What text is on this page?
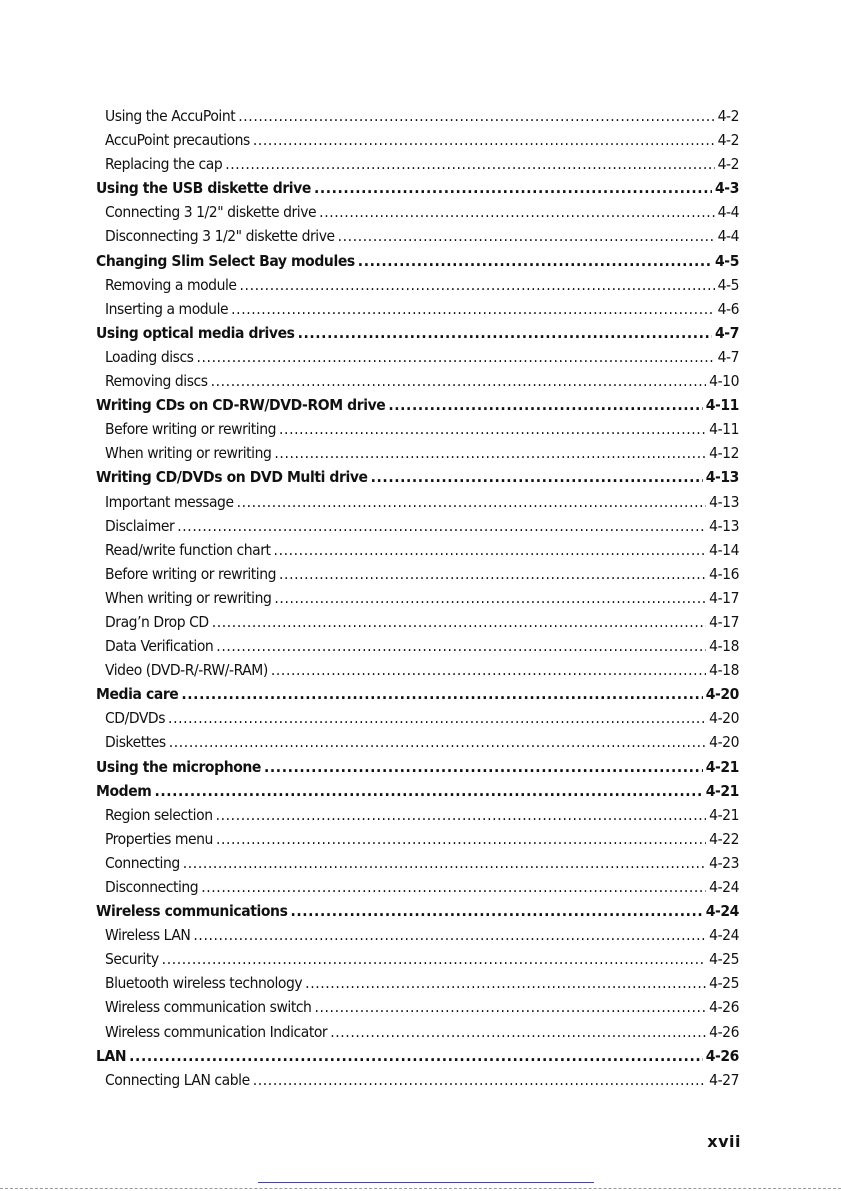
Using the AccuPoint .....	4-2
AccuPoint precautions .....	4-2
Replacing the cap .....	4-2
Using the USB diskette drive .....	4-3
Connecting 3 1/2" diskette drive .....	4-4
Disconnecting 3 1/2" diskette drive .....	4-4
Changing Slim Select Bay modules .....	4-5
Removing a module .....	4-5
Inserting a module .....	4-6
Using optical media drives .....	4-7
Loading discs .....	4-7
Removing discs .....	4-10
Writing CDs on CD-RW/DVD-ROM drive .....	4-11
Before writing or rewriting .....	4-11
When writing or rewriting .....	4-12
Writing CD/DVDs on DVD Multi drive .....	4-13
Important message .....	4-13
Disclaimer .....	4-13
Read/write function chart .....	4-14
Before writing or rewriting .....	4-16
When writing or rewriting .....	4-17
Drag’n Drop CD .....	4-17
Data Verification .....	4-18
Video (DVD-R/-RW/-RAM) .....	4-18
Media care .....	4-20
CD/DVDs .....	4-20
Diskettes .....	4-20
Using the microphone .....	4-21
Modem .....	4-21
Region selection .....	4-21
Properties menu .....	4-22
Connecting .....	4-23
Disconnecting .....	4-24
Wireless communications .....	4-24
Wireless LAN .....	4-24
Security .....	4-25
Bluetooth wireless technology .....	4-25
Wireless communication switch .....	4-26
Wireless communication Indicator .....	4-26
LAN .....	4-26
Connecting LAN cable .....	4-27
xvii
